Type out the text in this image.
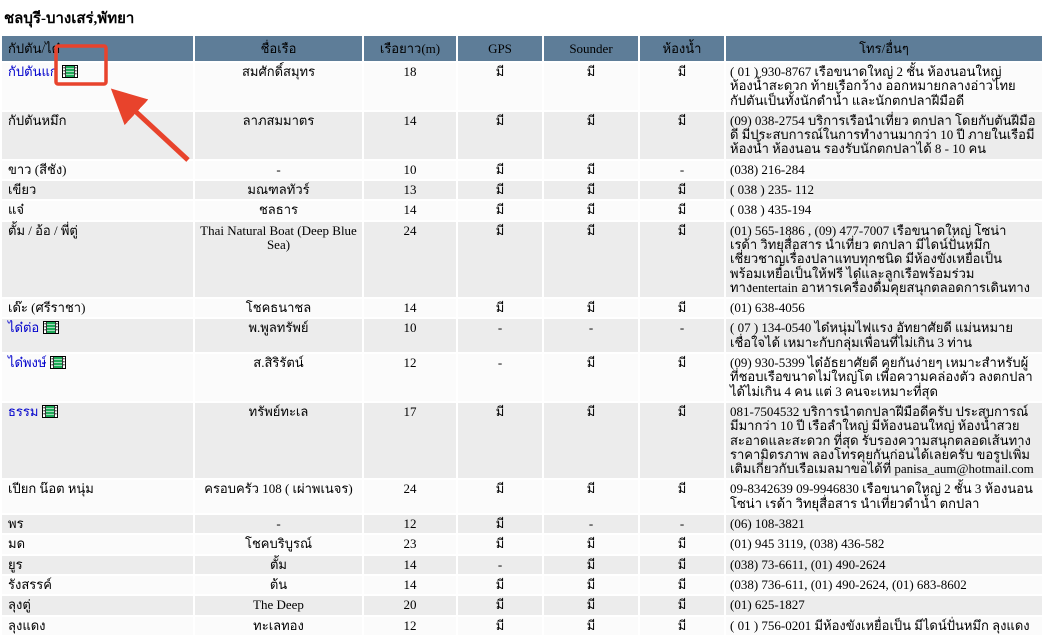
ชลบุรี-บางเสร่,พัทยา
กัปตัน/ได๋	ชื่อเรือ	เรือยาว(m)	GPS	Sounder	ห้องน้ำ	โทร/อื่นๆ
กัปตันแก่	สมศักดิ์สมุทร	18	มี	มี	มี	( 01 ) 930-8767 เรือขนาดใหญ่ 2 ชั้น ห้องนอนใหญ่ ห้องน้ำสะดวก ท้ายเรือกว้าง ออกหมายกลางอ่าวไทย กัปตันเป็นทั้งนักดำน้ำ และนักตกปลาฝีมือดี
กัปตันหมึก	ลาภสมมาตร	14	มี	มี	มี	(09) 038-2754 บริการเรือนำเที่ยว ตกปลา โดยกับตันฝีมือดี มีประสบการณ์ในการทำงานมากว่า 10 ปี ภายในเรือมีห้องน้ำ ห้องนอน รองรับนักตกปลาได้ 8 - 10 คน
ขาว (สีชัง)	-	10	มี	มี	-	(038) 216-284
เขียว	มณฑลทัวร์	13	มี	มี	มี	( 038 ) 235- 112
แจ๋	ชลธาร	14	มี	มี	มี	( 038 ) 435-194
ตั้ม / อ้อ / พี่ตู่	Thai Natural Boat (Deep Blue Sea)	24	มี	มี	มี	(01) 565-1886 , (09) 477-7007 เรือขนาดใหญ่ โซน่า เรด้า วิทยุสื่อสาร นำเที่ยว ตกปลา มีไดน์ปั่นหมึก เชี่ยวชาญเรื่องปลาแทบทุกชนิด มีห้องขังเหยื่อเป็น พร้อมเหยื่อเป็นให้ฟรี ได๋และลูกเรือพร้อมร่วมทางentertain อาหารเครื่องดื่มคุยสนุกตลอดการเดินทาง
เด๊ะ (ศรีราชา)	โชคธนาชล	14	มี	มี	มี	(01) 638-4056
ได๋ต่อ	พ.พูลทรัพย์	10	-	-	-	( 07 ) 134-0540 ได๋หนุ่มไฟแรง อัทยาศัยดี แม่นหมาย เชื่อใจได้ เหมาะกับกลุ่มเพื่อนที่ไม่เกิน 3 ท่าน
ได๋พงษ์	ส.สิริรัตน์	12	-	มี	มี	(09) 930-5399 ได๋อัธยาศัยดี คุยกันง่ายๆ เหมาะสำหรับผู้ที่ชอบเรือขนาดไม่ใหญ่โต เพื่อความคล่องตัว ลงตกปลาได้ไม่เกิน 4 คน แต่ 3 คนจะเหมาะที่สุด
ธรรม	ทรัพย์ทะเล	17	มี	มี	มี	081-7504532 บริการนำตกปลาฝีมือดีครับ ประสบการณ์มีมากว่า 10 ปี เรือลำใหญ่ มีห้องนอนใหญ่ ห้องน้ำสวย สะอาดและสะดวก ที่สุด รับรองความสนุกตลอดเส้นทาง ราคามิตรภาพ ลองโทรคุยกันก่อนได้เลยครับ ขอรูปเพิ่มเติมเกี่ยวกับเรือเมลมาขอได้ที่ panisa_aum@hotmail.com
เปียก น๊อต หนุ่ม	ครอบครัว 108 ( เผ่าพเนจร)	24	มี	มี	มี	09-8342639 09-9946830 เรือขนาดใหญ่ 2 ชั้น 3 ห้องนอน โซน่า เรด้า วิทยุสื่อสาร นำเที่ยวดำน้ำ ตกปลา
พร	-	12	มี	-	-	(06) 108-3821
มด	โชคบริบูรณ์	23	มี	มี	มี	(01) 945 3119, (038) 436-582
ยูร	ตั้ม	14	-	มี	มี	(038) 73-6611, (01) 490-2624
รังสรรค์	ต้น	14	มี	มี	มี	(038) 736-611, (01) 490-2624, (01) 683-8602
ลุงตู่	The Deep	20	มี	มี	มี	(01) 625-1827
ลุงแดง	ทะเลทอง	12	มี	มี	มี	( 01 ) 756-0201 มีห้องขังเหยื่อเป็น มีไดน์ปั่นหมึก ลุงแดง
